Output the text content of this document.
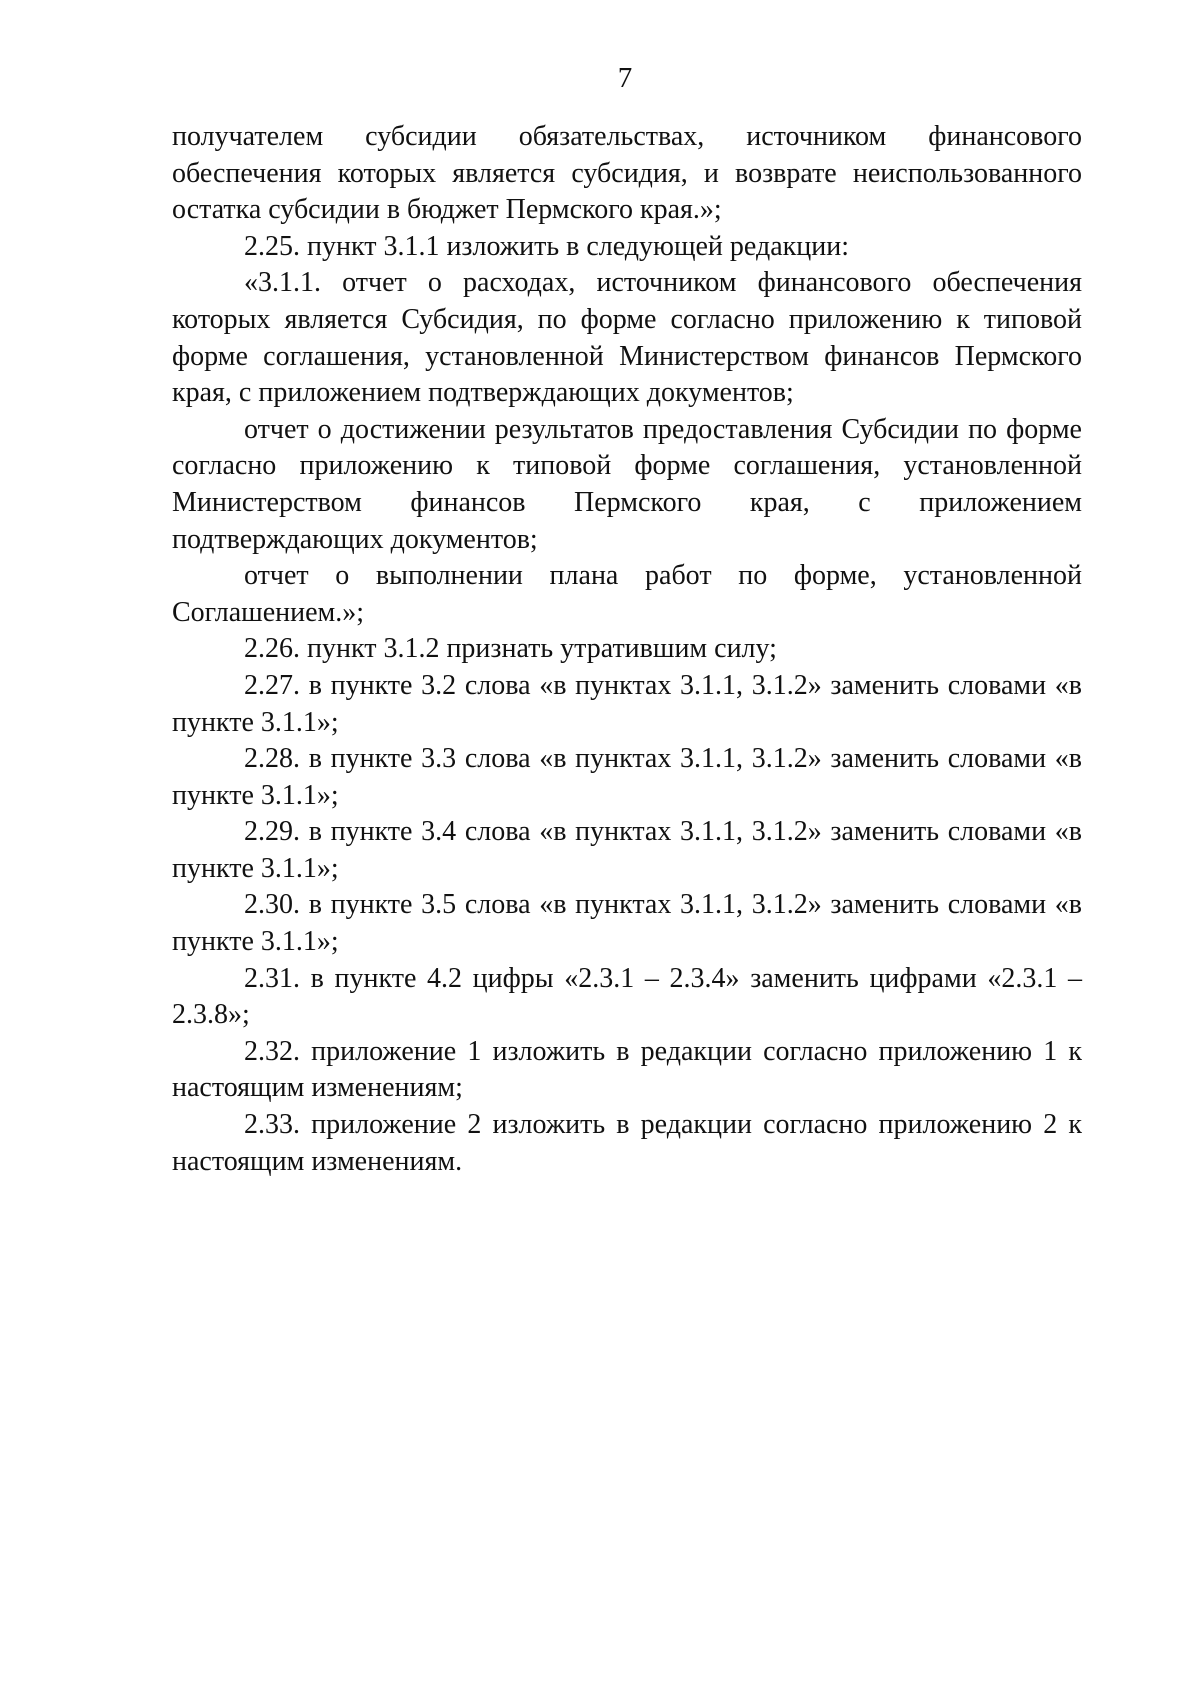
7

получателем субсидии обязательствах, источником финансового обеспечения которых является субсидия, и возврате неиспользованного остатка субсидии в бюджет Пермского края.»;

2.25. пункт 3.1.1 изложить в следующей редакции:

«3.1.1. отчет о расходах, источником финансового обеспечения которых является Субсидия, по форме согласно приложению к типовой форме соглашения, установленной Министерством финансов Пермского края, с приложением подтверждающих документов;

отчет о достижении результатов предоставления Субсидии по форме согласно приложению к типовой форме соглашения, установленной Министерством финансов Пермского края, с приложением подтверждающих документов;

отчет о выполнении плана работ по форме, установленной Соглашением.»;

2.26. пункт 3.1.2 признать утратившим силу;

2.27. в пункте 3.2 слова «в пунктах 3.1.1, 3.1.2» заменить словами «в пункте 3.1.1»;

2.28. в пункте 3.3 слова «в пунктах 3.1.1, 3.1.2» заменить словами «в пункте 3.1.1»;

2.29. в пункте 3.4 слова «в пунктах 3.1.1, 3.1.2» заменить словами «в пункте 3.1.1»;

2.30. в пункте 3.5 слова «в пунктах 3.1.1, 3.1.2» заменить словами «в пункте 3.1.1»;

2.31. в пункте 4.2 цифры «2.3.1 – 2.3.4» заменить цифрами «2.3.1 – 2.3.8»;

2.32. приложение 1 изложить в редакции согласно приложению 1 к настоящим изменениям;

2.33. приложение 2 изложить в редакции согласно приложению 2 к настоящим изменениям.
